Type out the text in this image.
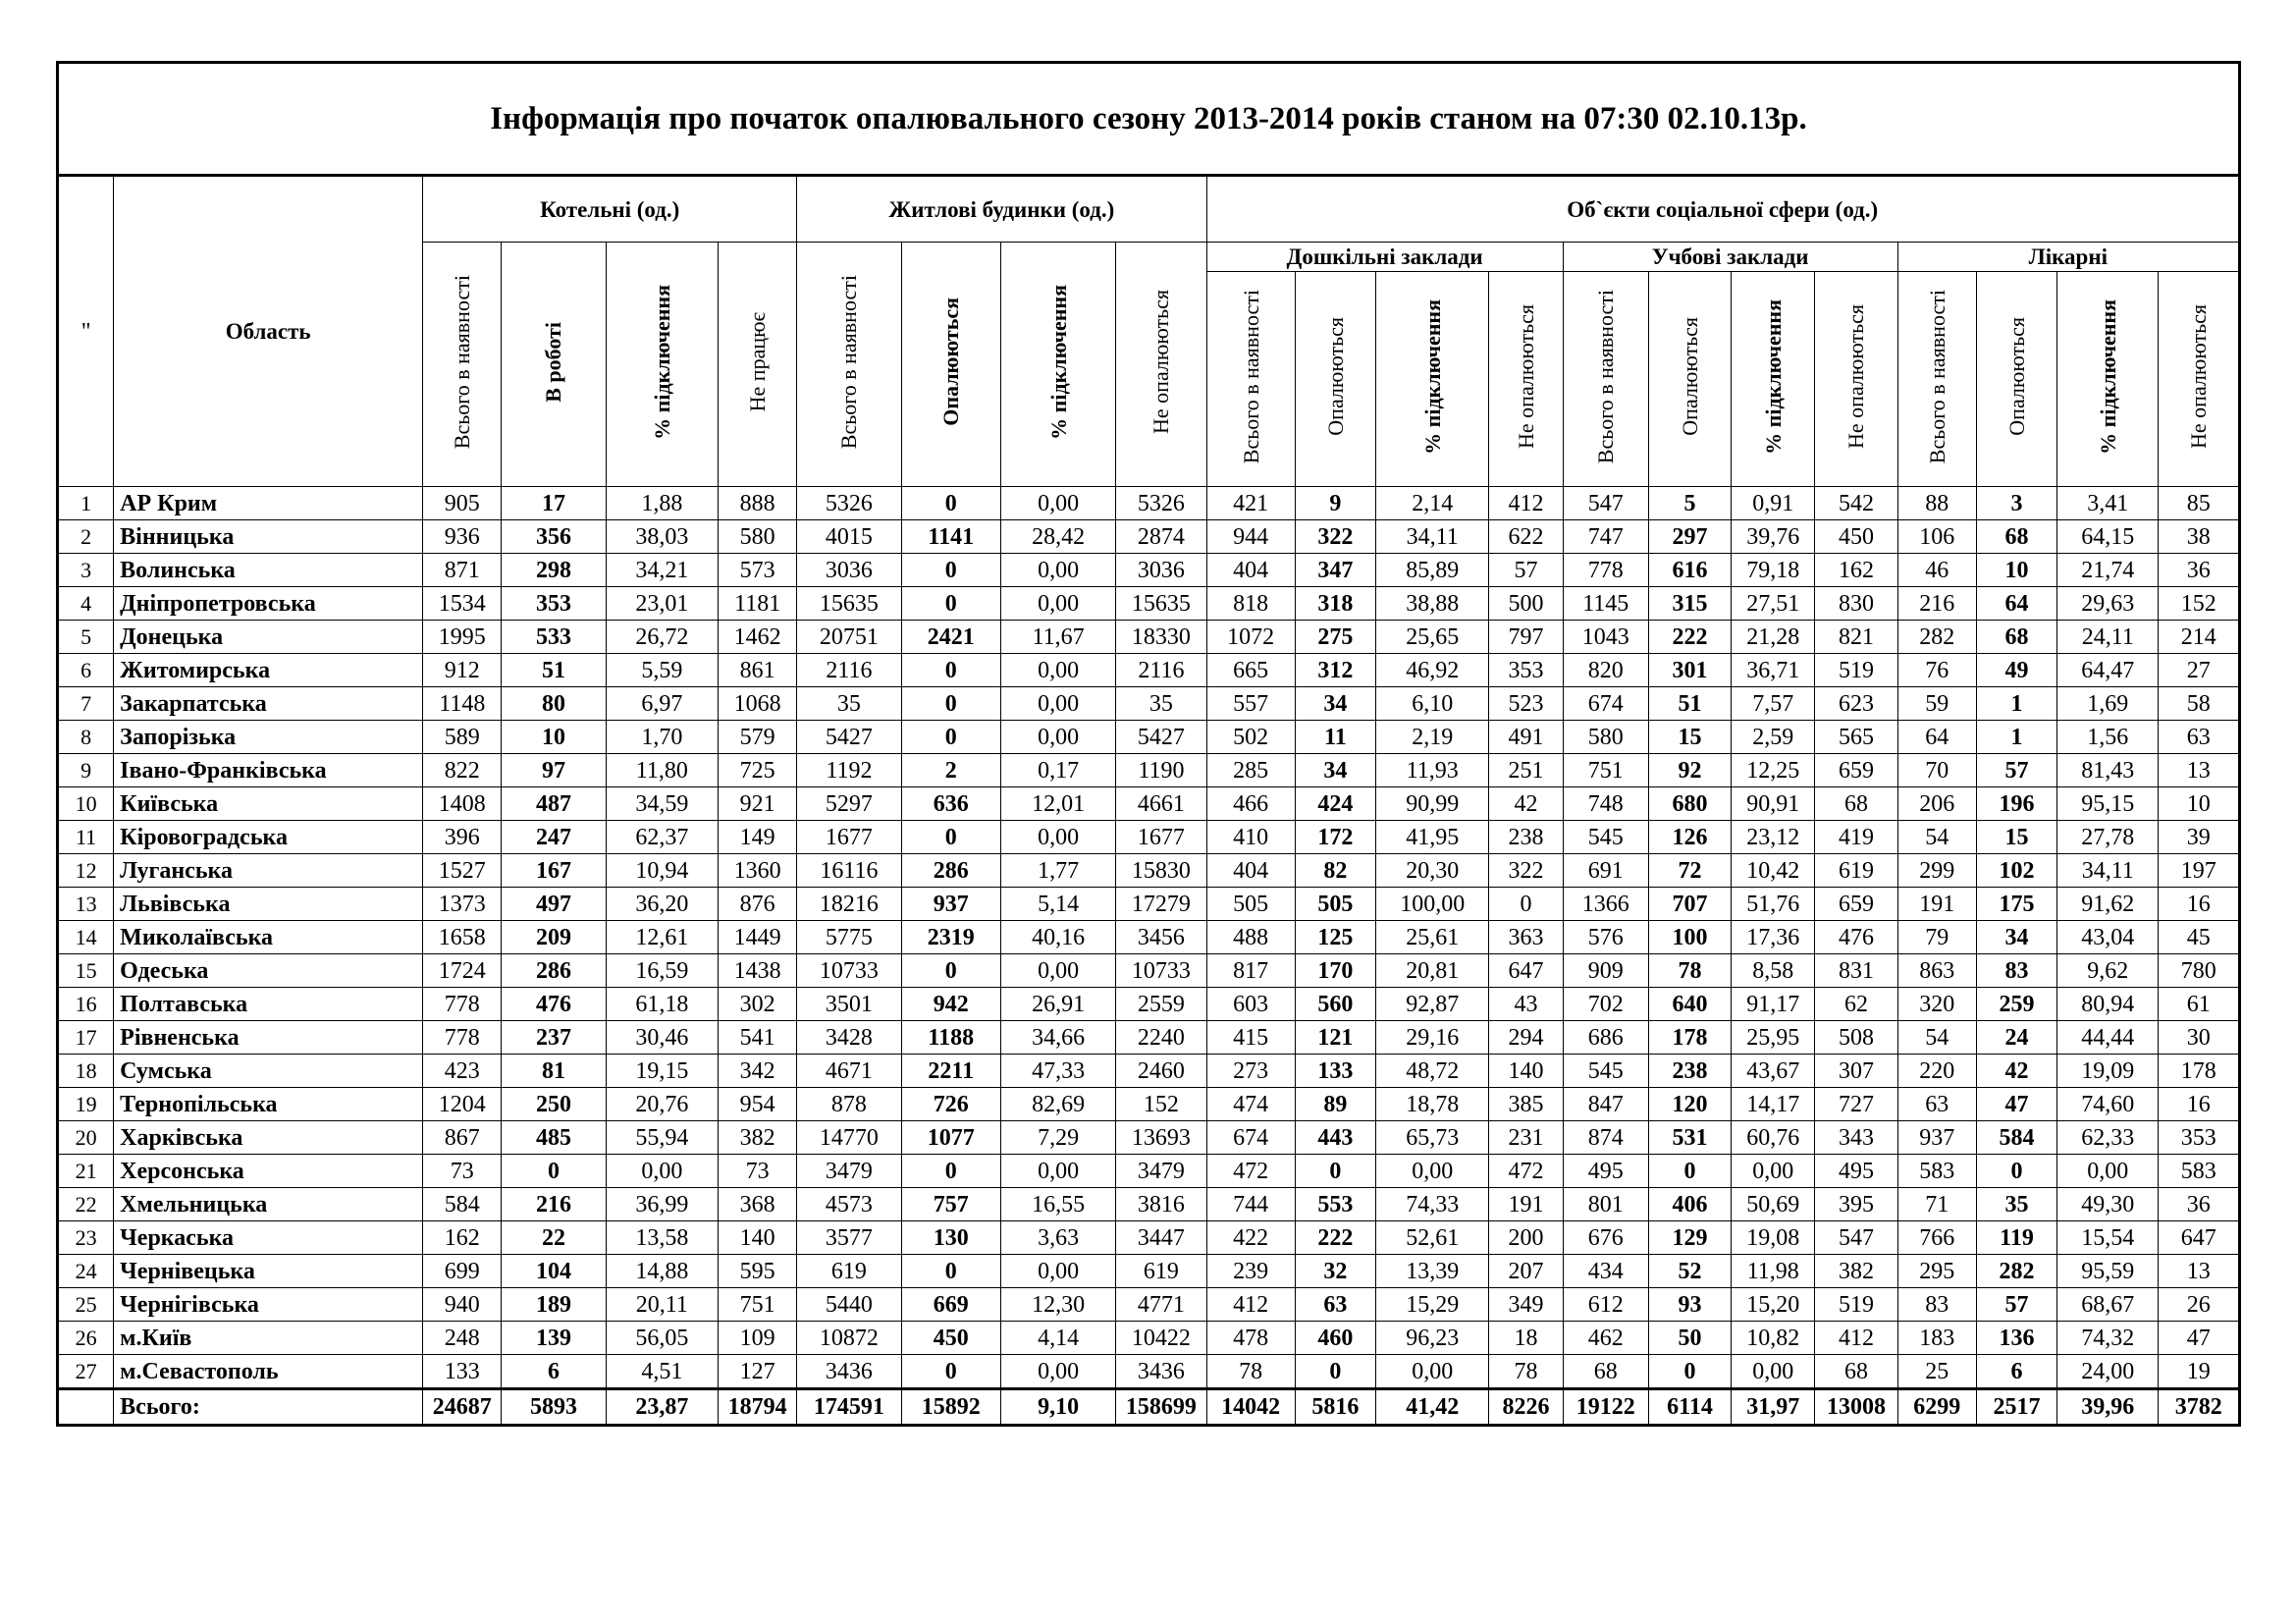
Інформація про початок опалювального сезону 2013-2014 років станом на 07:30 02.10.13р.																					
"	Область	Котельні (од.)				Житлові будинки (од.)				Об`єкти соціальної сфери (од.)											
		Всього в наявності	В роботі	% підключення	Не працює	Всього в наявності	Опалюються	% підключення	Не опалюються	Дошкільні заклади				Учбові заклади				Лікарні			
										Всього в наявності	Опалюються	% підключення	Не опалюються	Всього в наявності	Опалюються	% підключення	Не опалюються	Всього в наявності	Опалюються	% підключення	Не опалюються
1	АР Крим	905	17	1,88	888	5326	0	0,00	5326	421	9	2,14	412	547	5	0,91	542	88	3	3,41	85
2	Вінницька	936	356	38,03	580	4015	1141	28,42	2874	944	322	34,11	622	747	297	39,76	450	106	68	64,15	38
3	Волинська	871	298	34,21	573	3036	0	0,00	3036	404	347	85,89	57	778	616	79,18	162	46	10	21,74	36
4	Дніпропетровська	1534	353	23,01	1181	15635	0	0,00	15635	818	318	38,88	500	1145	315	27,51	830	216	64	29,63	152
5	Донецька	1995	533	26,72	1462	20751	2421	11,67	18330	1072	275	25,65	797	1043	222	21,28	821	282	68	24,11	214
6	Житомирська	912	51	5,59	861	2116	0	0,00	2116	665	312	46,92	353	820	301	36,71	519	76	49	64,47	27
7	Закарпатська	1148	80	6,97	1068	35	0	0,00	35	557	34	6,10	523	674	51	7,57	623	59	1	1,69	58
8	Запорізька	589	10	1,70	579	5427	0	0,00	5427	502	11	2,19	491	580	15	2,59	565	64	1	1,56	63
9	Івано-Франківська	822	97	11,80	725	1192	2	0,17	1190	285	34	11,93	251	751	92	12,25	659	70	57	81,43	13
10	Київська	1408	487	34,59	921	5297	636	12,01	4661	466	424	90,99	42	748	680	90,91	68	206	196	95,15	10
11	Кіровоградська	396	247	62,37	149	1677	0	0,00	1677	410	172	41,95	238	545	126	23,12	419	54	15	27,78	39
12	Луганська	1527	167	10,94	1360	16116	286	1,77	15830	404	82	20,30	322	691	72	10,42	619	299	102	34,11	197
13	Львівська	1373	497	36,20	876	18216	937	5,14	17279	505	505	100,00	0	1366	707	51,76	659	191	175	91,62	16
14	Миколаївська	1658	209	12,61	1449	5775	2319	40,16	3456	488	125	25,61	363	576	100	17,36	476	79	34	43,04	45
15	Одеська	1724	286	16,59	1438	10733	0	0,00	10733	817	170	20,81	647	909	78	8,58	831	863	83	9,62	780
16	Полтавська	778	476	61,18	302	3501	942	26,91	2559	603	560	92,87	43	702	640	91,17	62	320	259	80,94	61
17	Рівненська	778	237	30,46	541	3428	1188	34,66	2240	415	121	29,16	294	686	178	25,95	508	54	24	44,44	30
18	Сумська	423	81	19,15	342	4671	2211	47,33	2460	273	133	48,72	140	545	238	43,67	307	220	42	19,09	178
19	Тернопільська	1204	250	20,76	954	878	726	82,69	152	474	89	18,78	385	847	120	14,17	727	63	47	74,60	16
20	Харківська	867	485	55,94	382	14770	1077	7,29	13693	674	443	65,73	231	874	531	60,76	343	937	584	62,33	353
21	Херсонська	73	0	0,00	73	3479	0	0,00	3479	472	0	0,00	472	495	0	0,00	495	583	0	0,00	583
22	Хмельницька	584	216	36,99	368	4573	757	16,55	3816	744	553	74,33	191	801	406	50,69	395	71	35	49,30	36
23	Черкаська	162	22	13,58	140	3577	130	3,63	3447	422	222	52,61	200	676	129	19,08	547	766	119	15,54	647
24	Чернівецька	699	104	14,88	595	619	0	0,00	619	239	32	13,39	207	434	52	11,98	382	295	282	95,59	13
25	Чернігівська	940	189	20,11	751	5440	669	12,30	4771	412	63	15,29	349	612	93	15,20	519	83	57	68,67	26
26	м.Київ	248	139	56,05	109	10872	450	4,14	10422	478	460	96,23	18	462	50	10,82	412	183	136	74,32	47
27	м.Севастополь	133	6	4,51	127	3436	0	0,00	3436	78	0	0,00	78	68	0	0,00	68	25	6	24,00	19
	Всього:	24687	5893	23,87	18794	174591	15892	9,10	158699	14042	5816	41,42	8226	19122	6114	31,97	13008	6299	2517	39,96	3782
